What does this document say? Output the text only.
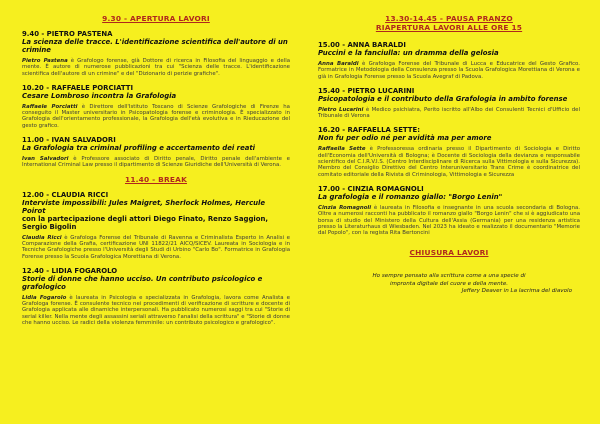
9.30 - APERTURA LAVORI
9.40 - PIETRO PASTENA
La scienza delle tracce. L'identificazione scientifica dell'autore di un crimine
Pietro Pastena è Grafologo forense, già Dottore di ricerca in Filosofia del linguaggio e della mente. È autore di numerose pubblicazioni tra cui "Scienza delle tracce. L'identificazione scientifica dell'autore di un crimine" e del "Dizionario di perizie grafiche".
10.20 - RAFFAELE PORCIATTI
Cesare Lombroso incontra la Grafologia
Raffaele Porciatti è Direttore dell'Istituto Toscano di Scienze Grafologiche di Firenze ha conseguito il Master universitario in Psicopatologia forense e criminologia. È specializzato in Grafologia dell'orientamento professionale, la Grafologia dell'età evolutiva e in Rieducazione del gesto grafico.
11.00 - IVAN SALVADORI
La Grafologia tra criminal profiling e accertamento dei reati
Ivan Salvadori è Professore associato di Diritto penale, Diritto penale dell'ambiente e International Criminal Law presso il dipartimento di Scienze Giuridiche dell'Università di Verona.
11.40 - BREAK
12.00 - CLAUDIA RICCI
Interviste impossibili: Jules Maigret, Sherlock Holmes, Hercule Poirot
con la partecipazione degli attori Diego Finato, Renzo Saggion, Sergio Bigolin
Claudia Ricci è Grafologa Forense del Tribunale di Ravenna e Criminalista Esperto in Analisi e Comparazione della Grafia, certificazione UNI 11822/21 AICQ/SICEV. Laureata in Sociologia e in Tecniche Grafologiche presso l'Università degli Studi di Urbino "Carlo Bo". Formatrice in Grafologia Forense presso la Scuola Grafologica Morettiana di Verona.
12.40 - LIDIA FOGAROLO
Storie di donne che hanno ucciso. Un contributo psicologico e grafologico
Lidia Fogarolo è laureata in Psicologia e specializzata in Grafologia, lavora come Analista e Grafologa forense. È consulente tecnico nei procedimenti di verificazione di scritture e docente di Grafologia applicata alle dinamiche interpersonali. Ha pubblicato numerosi saggi tra cui "Storie di serial killer. Nella mente degli assassini seriali attraverso l'analisi della scrittura" e "Storie di donne che hanno ucciso. Le radici della violenza femminile: un contributo psicologico e grafologico".
13.30-14.45 - PAUSA PRANZO
RIAPERTURA LAVORI ALLE ORE 15
15.00 - ANNA BARALDI
Puccini e la fanciulla: un dramma della gelosia
Anna Baraldi è Grafologa Forense del Tribunale di Lucca e Educatrice del Gesto Grafico. Formatrice in Metodologia della Consulenza presso la Scuola Grafologica Morettiana di Verona e già in Grafologia Forense presso la Scuola Avegraf di Padova.
15.40 - PIETRO LUCARINI
Psicopatologia e il contributo della Grafologia in ambito forense
Pietro Lucarini è Medico psichiatra, Perito iscritto all'Albo dei Consulenti Tecnici d'Ufficio del Tribunale di Verona
16.20 - RAFFAELLA SETTE:
Non fu per odio né per avidità ma per amore
Raffaella Sette è Professoressa ordinaria presso il Dipartimento di Sociologia e Diritto dell'Economia dell'Università di Bologna; è Docente di Sociologia della devianza e responsabile scientifico del C.I.R.V.I.S. (Centro Interdisciplinare di Ricerca sulla Vittimologia e sulla Sicurezza). Membro del Consiglio Direttivo del Centro Interuniversitario Trans Crime è coordinatrice del comitato editoriale della Rivista di Criminologia, Vittimologia e Sicurezza
17.00 - CINZIA ROMAGNOLI
La grafologia e il romanzo giallo: "Borgo Lenin"
Cinzia Romagnoli è laureata in Filosofia e insegnante in una scuola secondaria di Bologna. Oltre a numerosi racconti ha pubblicato il romanzo giallo "Borgo Lenin" che si è aggiudicato una borsa di studio del Ministero della Cultura dell'Assia (Germania) per una residenza artistica presso la Literaturhaus di Wiesbaden. Nel 2023 ha ideato e realizzato il documentario "Memorie dal Popolo", con la regista Rita Bertoncini
CHIUSURA LAVORI
Ho sempre pensato alla scrittura come a una specie di
impronta digitale del cuore e della mente.
Jeffery Deaver in La lacrima del diavolo
